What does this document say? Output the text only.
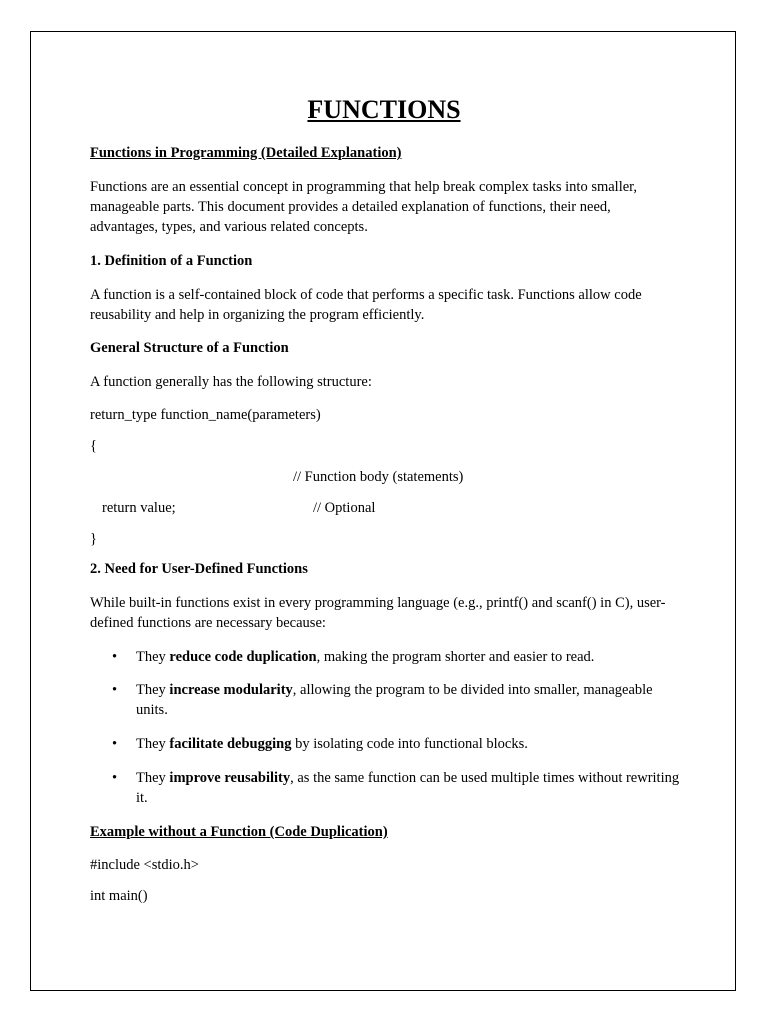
FUNCTIONS
Functions in Programming (Detailed Explanation)
Functions are an essential concept in programming that help break complex tasks into smaller, manageable parts. This document provides a detailed explanation of functions, their need, advantages, types, and various related concepts.
1. Definition of a Function
A function is a self-contained block of code that performs a specific task. Functions allow code reusability and help in organizing the program efficiently.
General Structure of a Function
A function generally has the following structure:
return_type function_name(parameters)
{
// Function body (statements)
return value;	// Optional
}
2. Need for User-Defined Functions
While built-in functions exist in every programming language (e.g., printf() and scanf() in C), user-defined functions are necessary because:
• They reduce code duplication, making the program shorter and easier to read.
• They increase modularity, allowing the program to be divided into smaller, manageable units.
• They facilitate debugging by isolating code into functional blocks.
• They improve reusability, as the same function can be used multiple times without rewriting it.
Example without a Function (Code Duplication)
#include <stdio.h>
int main()
